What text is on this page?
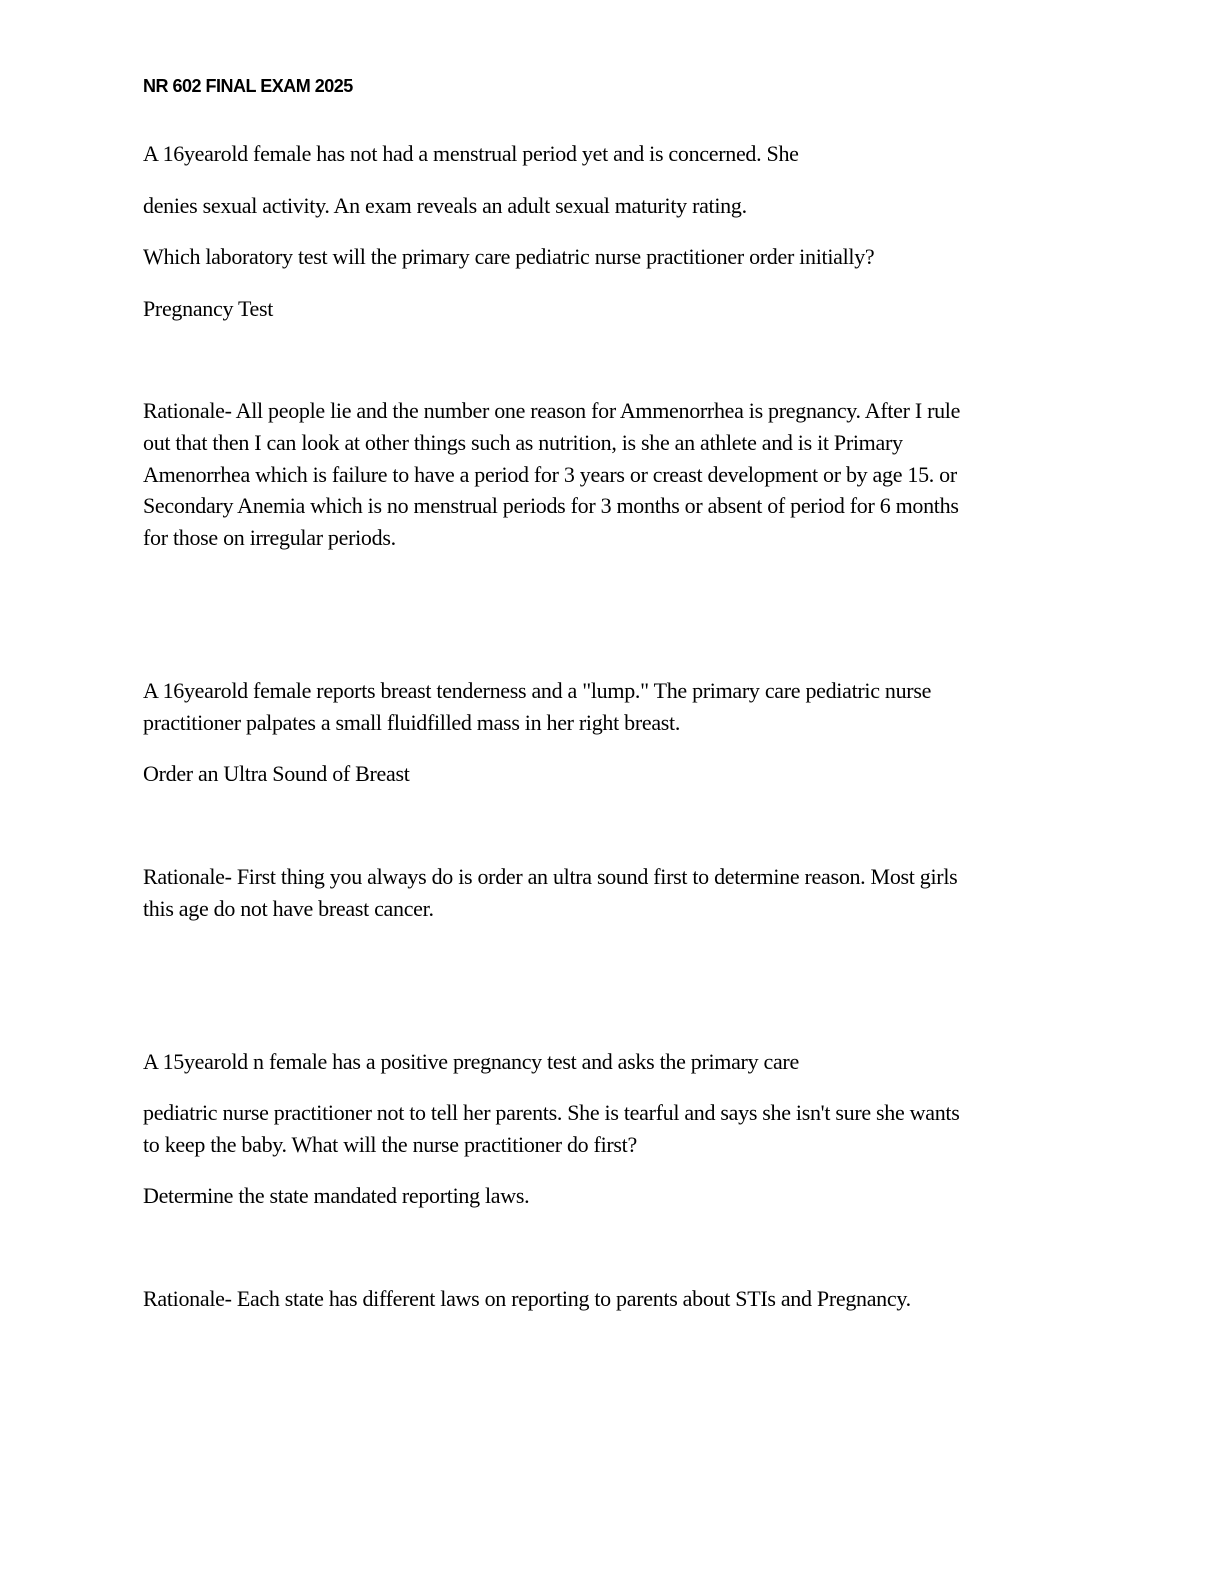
NR 602 FINAL EXAM 2025
A 16yearold female has not had a menstrual period yet and is concerned. She
denies sexual activity. An exam reveals an adult sexual maturity rating.
Which laboratory test will the primary care pediatric nurse practitioner order initially?
Pregnancy Test
Rationale- All people lie and the number one reason for Ammenorrhea is pregnancy. After I rule
out that then I can look at other things such as nutrition, is she an athlete and is it Primary
Amenorrhea which is failure to have a period for 3 years or creast development or by age 15. or
Secondary Anemia which is no menstrual periods for 3 months or absent of period for 6 months
for those on irregular periods.
A 16yearold female reports breast tenderness and a "lump." The primary care pediatric nurse
practitioner palpates a small fluidfilled mass in her right breast.
Order an Ultra Sound of Breast
Rationale- First thing you always do is order an ultra sound first to determine reason. Most girls
this age do not have breast cancer.
A 15yearold n female has a positive pregnancy test and asks the primary care
pediatric nurse practitioner not to tell her parents. She is tearful and says she isn't sure she wants
to keep the baby. What will the nurse practitioner do first?
Determine the state mandated reporting laws.
Rationale- Each state has different laws on reporting to parents about STIs and Pregnancy.
